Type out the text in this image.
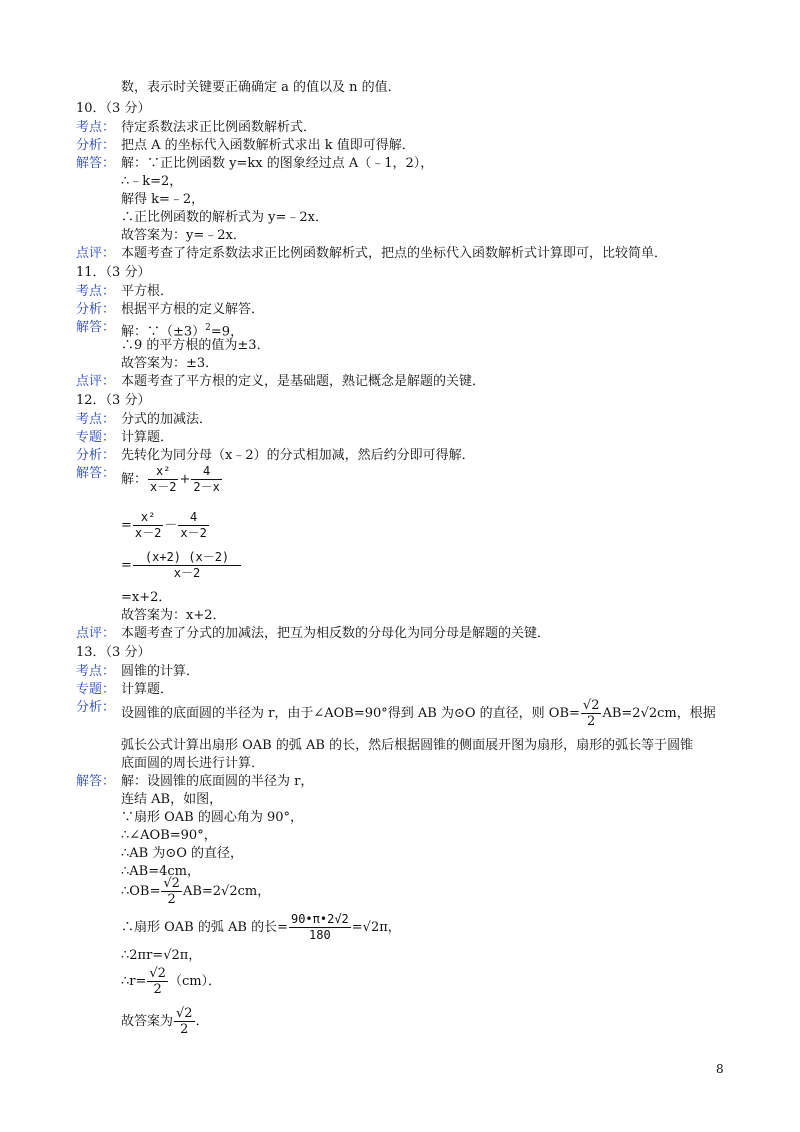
数，表示时关键要正确确定 a 的值以及 n 的值．
10．（3 分）
考点： 待定系数法求正比例函数解析式．
分析： 把点 A 的坐标代入函数解析式求出 k 值即可得解．
解答： 解：∵正比例函数 y=kx 的图象经过点 A（﹣1，2），
∴﹣k=2，
解得 k=﹣2，
∴正比例函数的解析式为 y=﹣2x．
故答案为：y=﹣2x．
点评： 本题考查了待定系数法求正比例函数解析式，把点的坐标代入函数解析式计算即可，比较简单．
11．（3 分）
考点： 平方根．
分析： 根据平方根的定义解答．
解答： 解：$\because(\pm 3)^2=9$，
∴9 的平方根的值为±3．
故答案为：±3．
点评： 本题考查了平方根的定义，是基础题，熟记概念是解题的关键．
12．（3 分）
考点： 分式的加减法．
专题： 计算题．
分析： 先转化为同分母（x﹣2）的分式相加减，然后约分即可得解．
解答： 解： $\frac{\text{x²}}{x-2} + \frac{4}{2-x}$
= $\frac{\text{x²}}{x-2} - \frac{4}{x-2}$
= $\frac{(x+2) (x-2)}{x-2}$
=x+2．
故答案为：x+2．
点评： 本题考查了分式的加减法，把互为相反数的分母化为同分母是解题的关键．
13．（3 分）
考点： 圆锥的计算．
专题： 计算题．
分析： 设圆锥的底面圆的半径为 r，由于∠AOB=90°得到 AB 为⊙O 的直径，则 $OB= \frac{√2}{2} AB=2√2cm$，根据
弧长公式计算出扇形 OAB 的弧 AB 的长，然后根据圆锥的侧面展开图为扇形，扇形的弧长等于圆锥
底面圆的周长进行计算．
解答： 解：设圆锥的底面圆的半径为 r，
连结 AB，如图，
∵扇形 OAB 的圆心角为 90°，
∴∠AOB=90°，
∴AB 为⊙O 的直径，
∴AB=4cm，
∴OB= $\frac{√2}{2} AB=2√2cm$，
∴扇形 OAB 的弧 AB 的长= $\frac{90•\pi•2√2}{180} =√2\pi$，
∴2πr=√2π，
∴r= $\frac{√2}{2} (cm)$．
故答案为 $\frac{√2}{2}$ ．
8
